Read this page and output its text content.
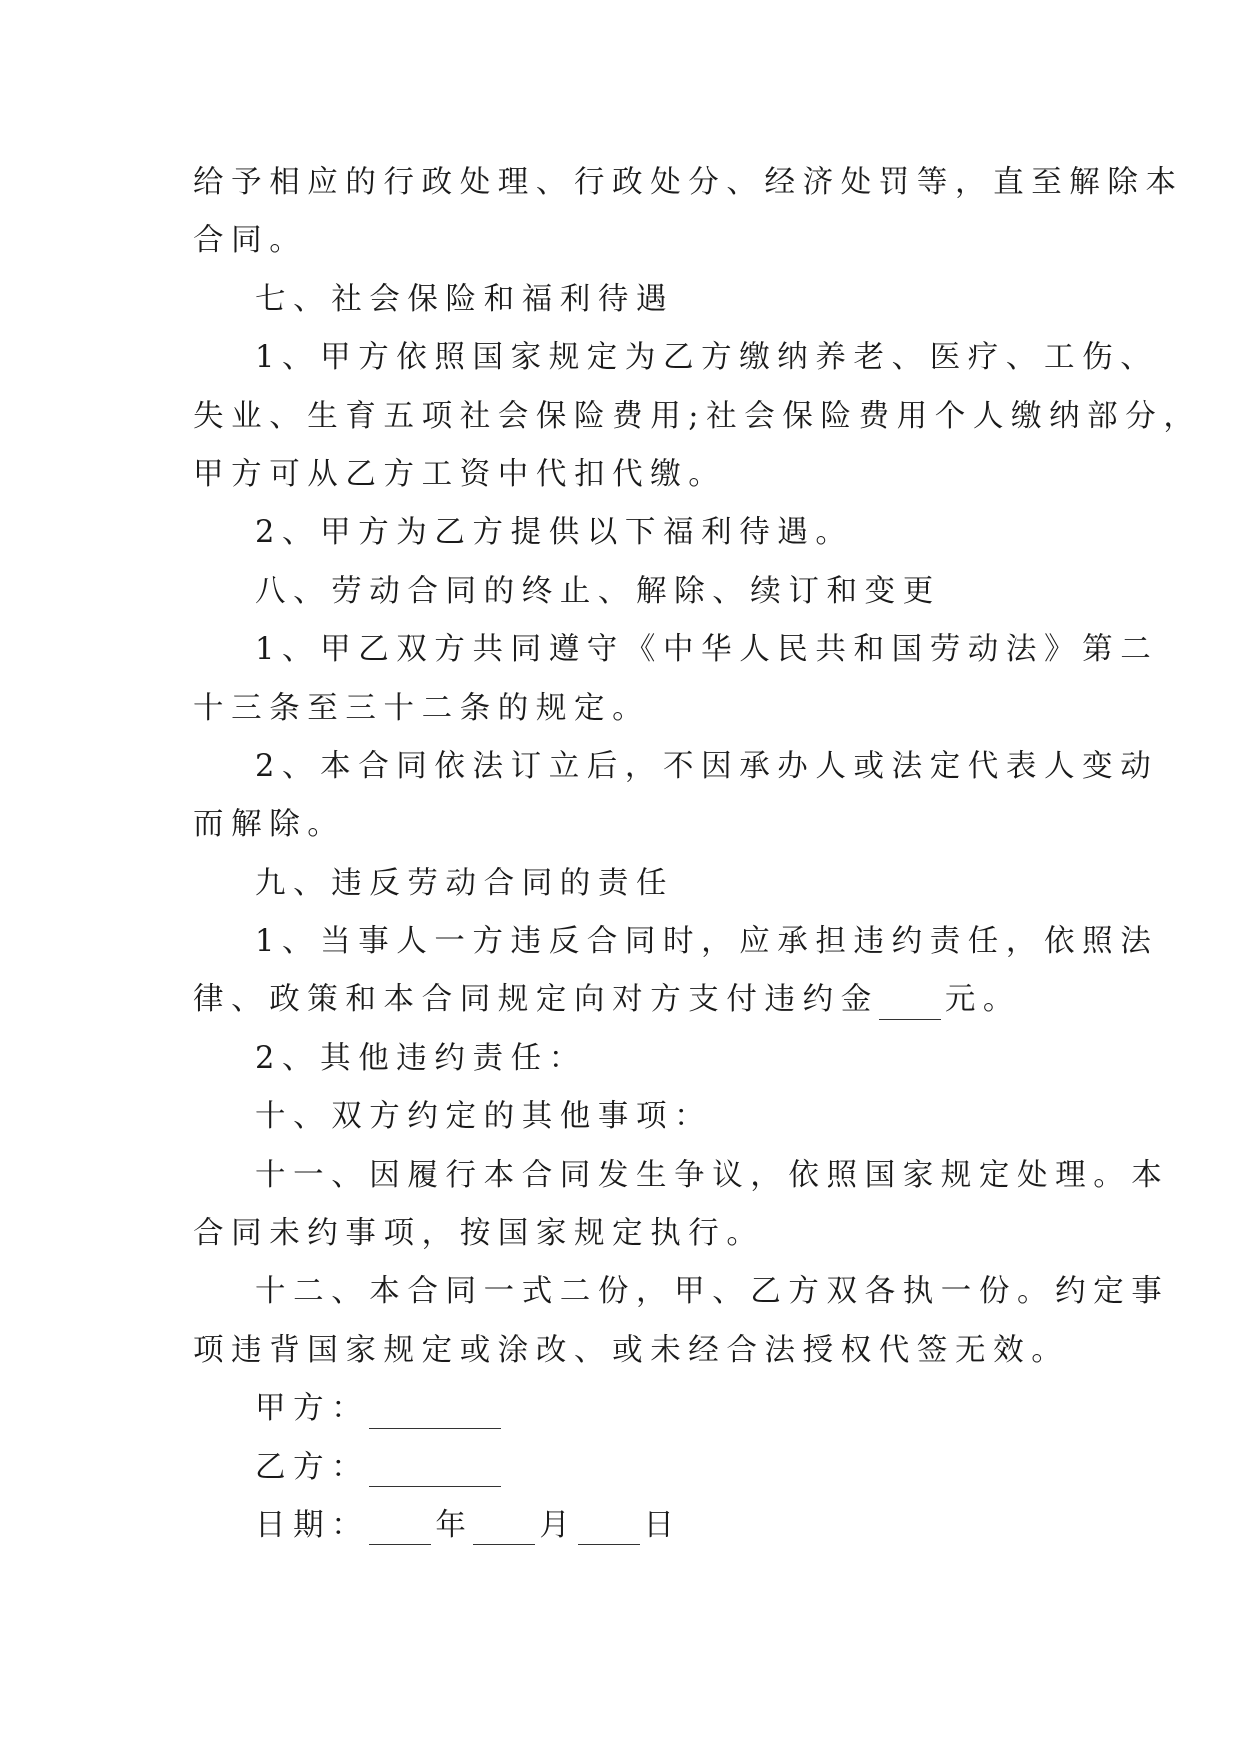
给予相应的行政处理、行政处分、经济处罚等，直至解除本
合同。
七、社会保险和福利待遇
1、甲方依照国家规定为乙方缴纳养老、医疗、工伤、
失业、生育五项社会保险费用;社会保险费用个人缴纳部分，
甲方可从乙方工资中代扣代缴。
2、甲方为乙方提供以下福利待遇。
八、劳动合同的终止、解除、续订和变更
1、甲乙双方共同遵守《中华人民共和国劳动法》第二
十三条至三十二条的规定。
2、本合同依法订立后，不因承办人或法定代表人变动
而解除。
九、违反劳动合同的责任
1、当事人一方违反合同时，应承担违约责任，依照法
律、政策和本合同规定向对方支付违约金 元。
2、其他违约责任：
十、双方约定的其他事项：
十一、因履行本合同发生争议，依照国家规定处理。本
合同未约事项，按国家规定执行。
十二、本合同一式二份，甲、乙方双各执一份。约定事
项违背国家规定或涂改、或未经合法授权代签无效。
甲方：
乙方：
日期： 年 月 日
